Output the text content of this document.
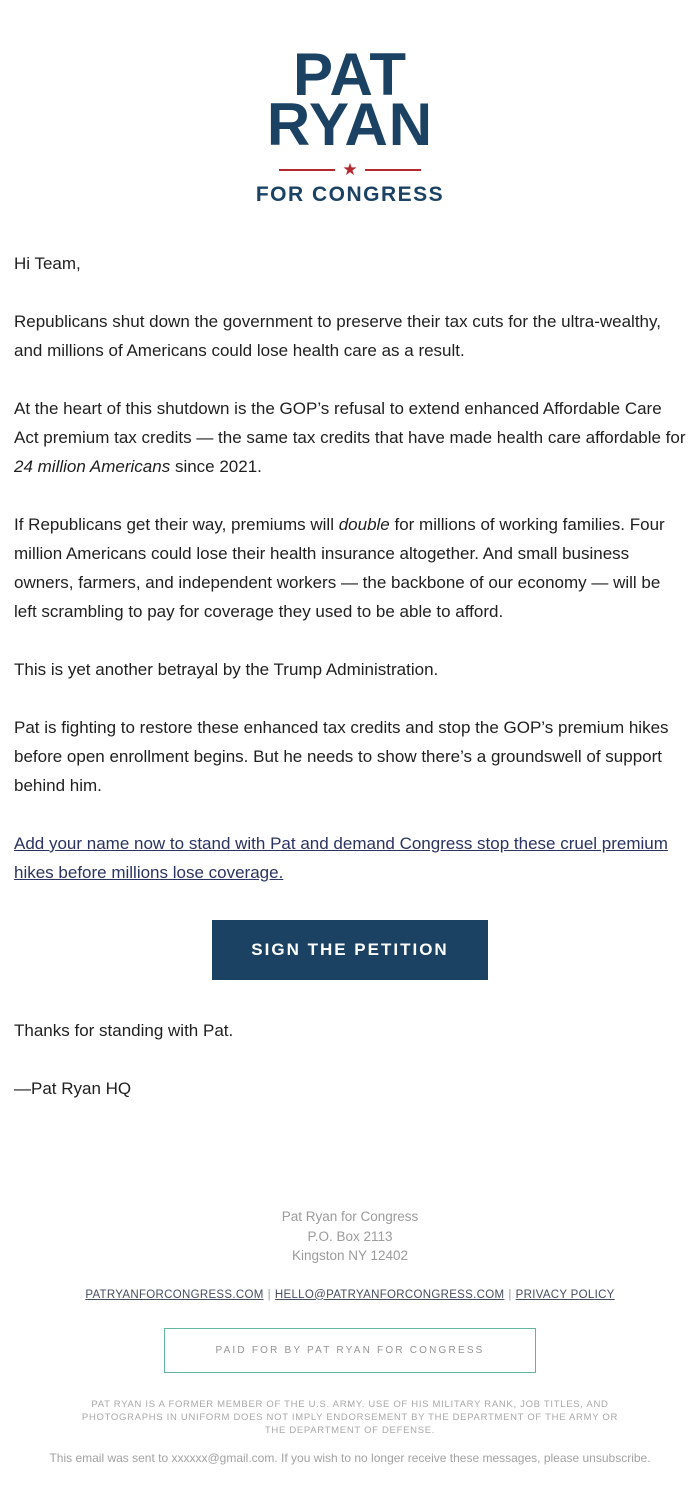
PAT
RYAN
★
FOR CONGRESS

Hi Team,

Republicans shut down the government to preserve their tax cuts for the ultra-wealthy, and millions of Americans could lose health care as a result.

At the heart of this shutdown is the GOP’s refusal to extend enhanced Affordable Care Act premium tax credits — the same tax credits that have made health care affordable for 24 million Americans since 2021.

If Republicans get their way, premiums will double for millions of working families. Four million Americans could lose their health insurance altogether. And small business owners, farmers, and independent workers — the backbone of our economy — will be left scrambling to pay for coverage they used to be able to afford.

This is yet another betrayal by the Trump Administration.

Pat is fighting to restore these enhanced tax credits and stop the GOP’s premium hikes before open enrollment begins. But he needs to show there’s a groundswell of support behind him.

Add your name now to stand with Pat and demand Congress stop these cruel premium hikes before millions lose coverage.
SIGN THE PETITION

Thanks for standing with Pat.

—Pat Ryan HQ

Pat Ryan for Congress
P.O. Box 2113
Kingston NY 12402
PATRYANFORCONGRESS.COM | HELLO@PATRYANFORCONGRESS.COM | PRIVACY POLICY
PAID FOR BY PAT RYAN FOR CONGRESS
PAT RYAN IS A FORMER MEMBER OF THE U.S. ARMY. USE OF HIS MILITARY RANK, JOB TITLES, AND PHOTOGRAPHS IN UNIFORM DOES NOT IMPLY ENDORSEMENT BY THE DEPARTMENT OF THE ARMY OR THE DEPARTMENT OF DEFENSE.
This email was sent to xxxxxx@gmail.com. If you wish to no longer receive these messages, please unsubscribe.
